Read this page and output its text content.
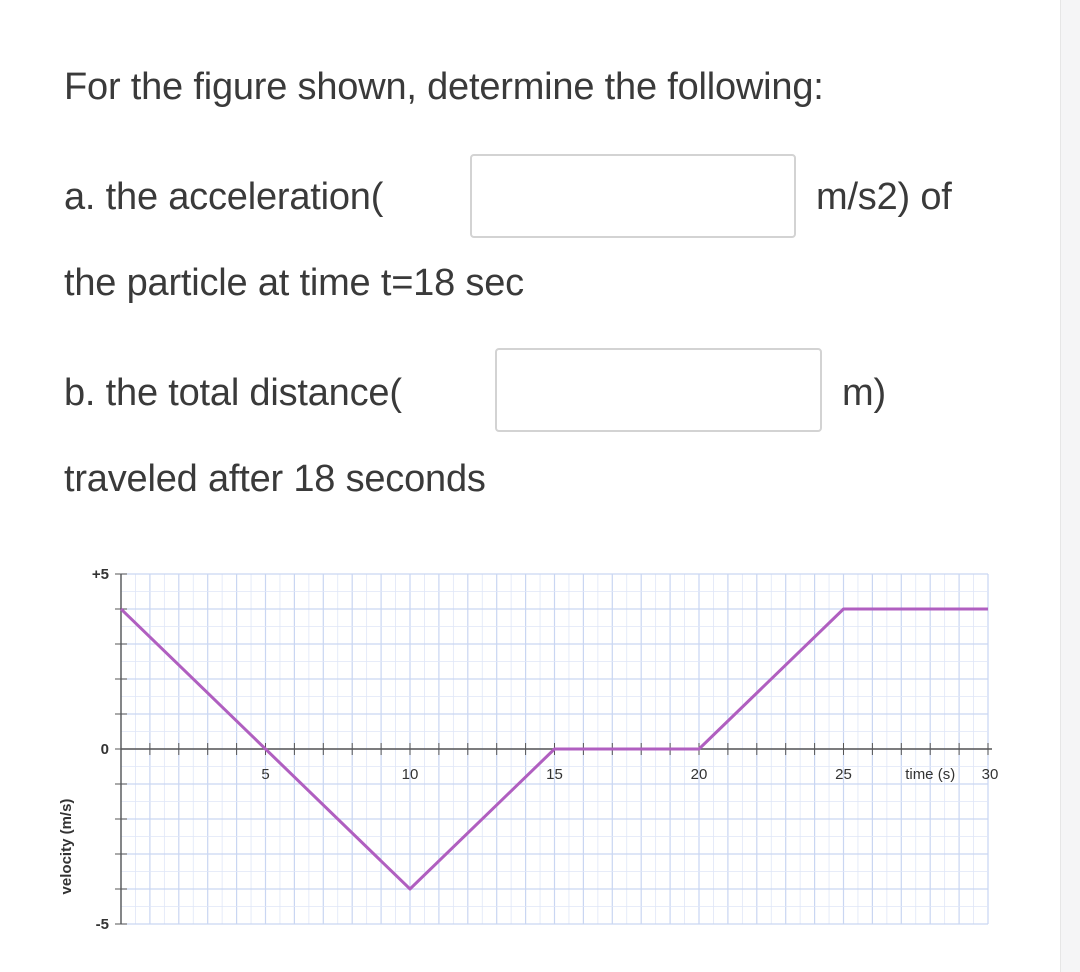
For the figure shown, determine the following:
a. the acceleration(	m/s2) of
the particle at time t=18 sec
b. the total distance(	m)
traveled after 18 seconds
5	10	15	20	25	30
time (s)
+5
0
-5
velocity (m/s)
